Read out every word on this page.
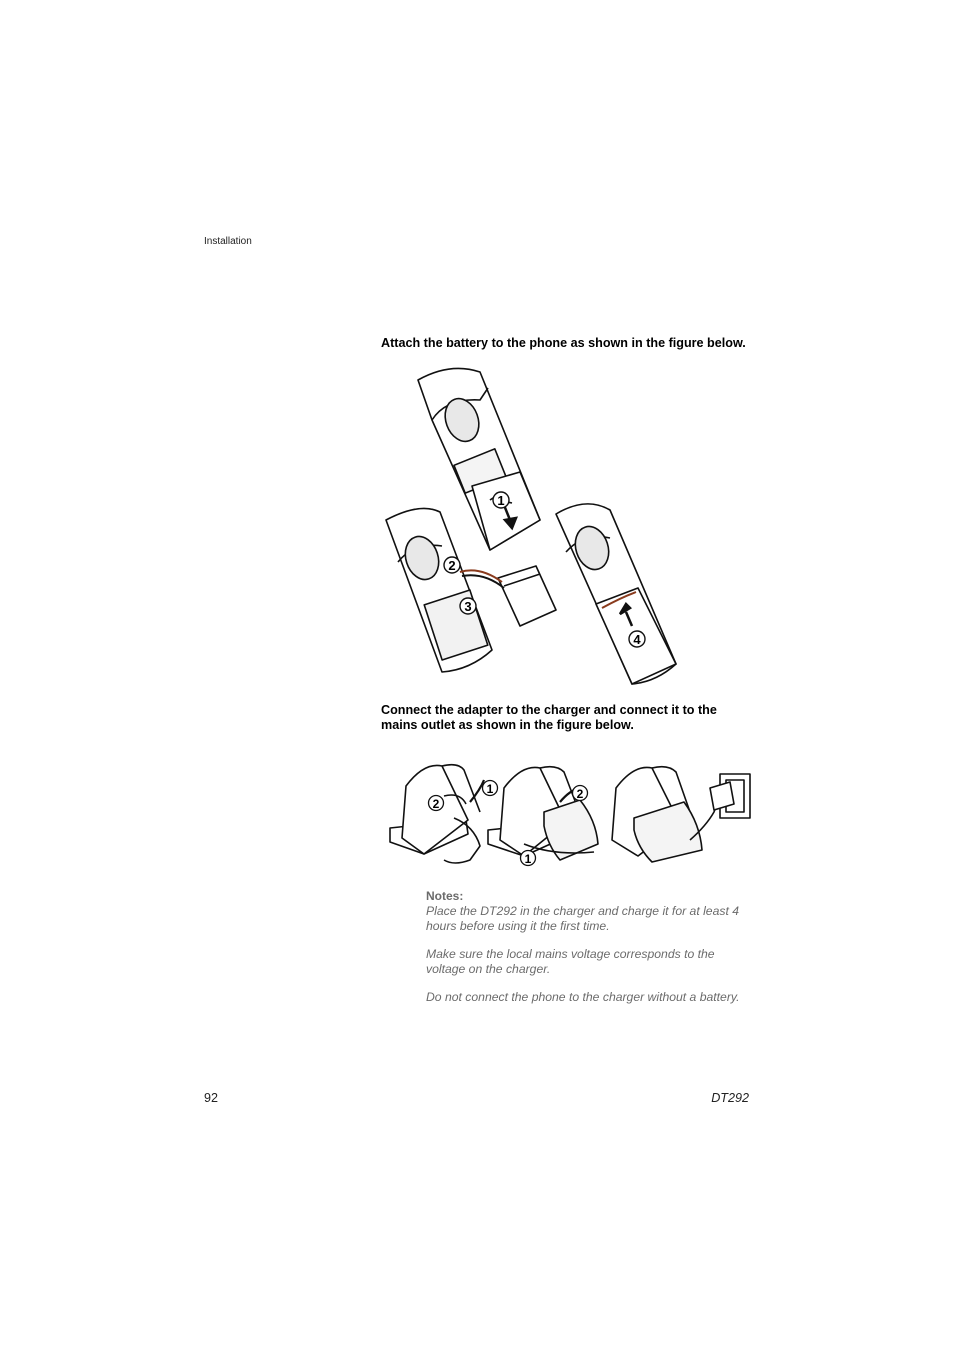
Installation
Attach the battery to the phone as shown in the figure below.
1
2
3
4
Connect the adapter to the charger and connect it to the
mains outlet as shown in the figure below.
1
2
2
1
Notes:
Place the DT292 in the charger and charge it for at least 4
hours before using it the first time.
Make sure the local mains voltage corresponds to the
voltage on the charger.
Do not connect the phone to the charger without a battery.
92	DT292
